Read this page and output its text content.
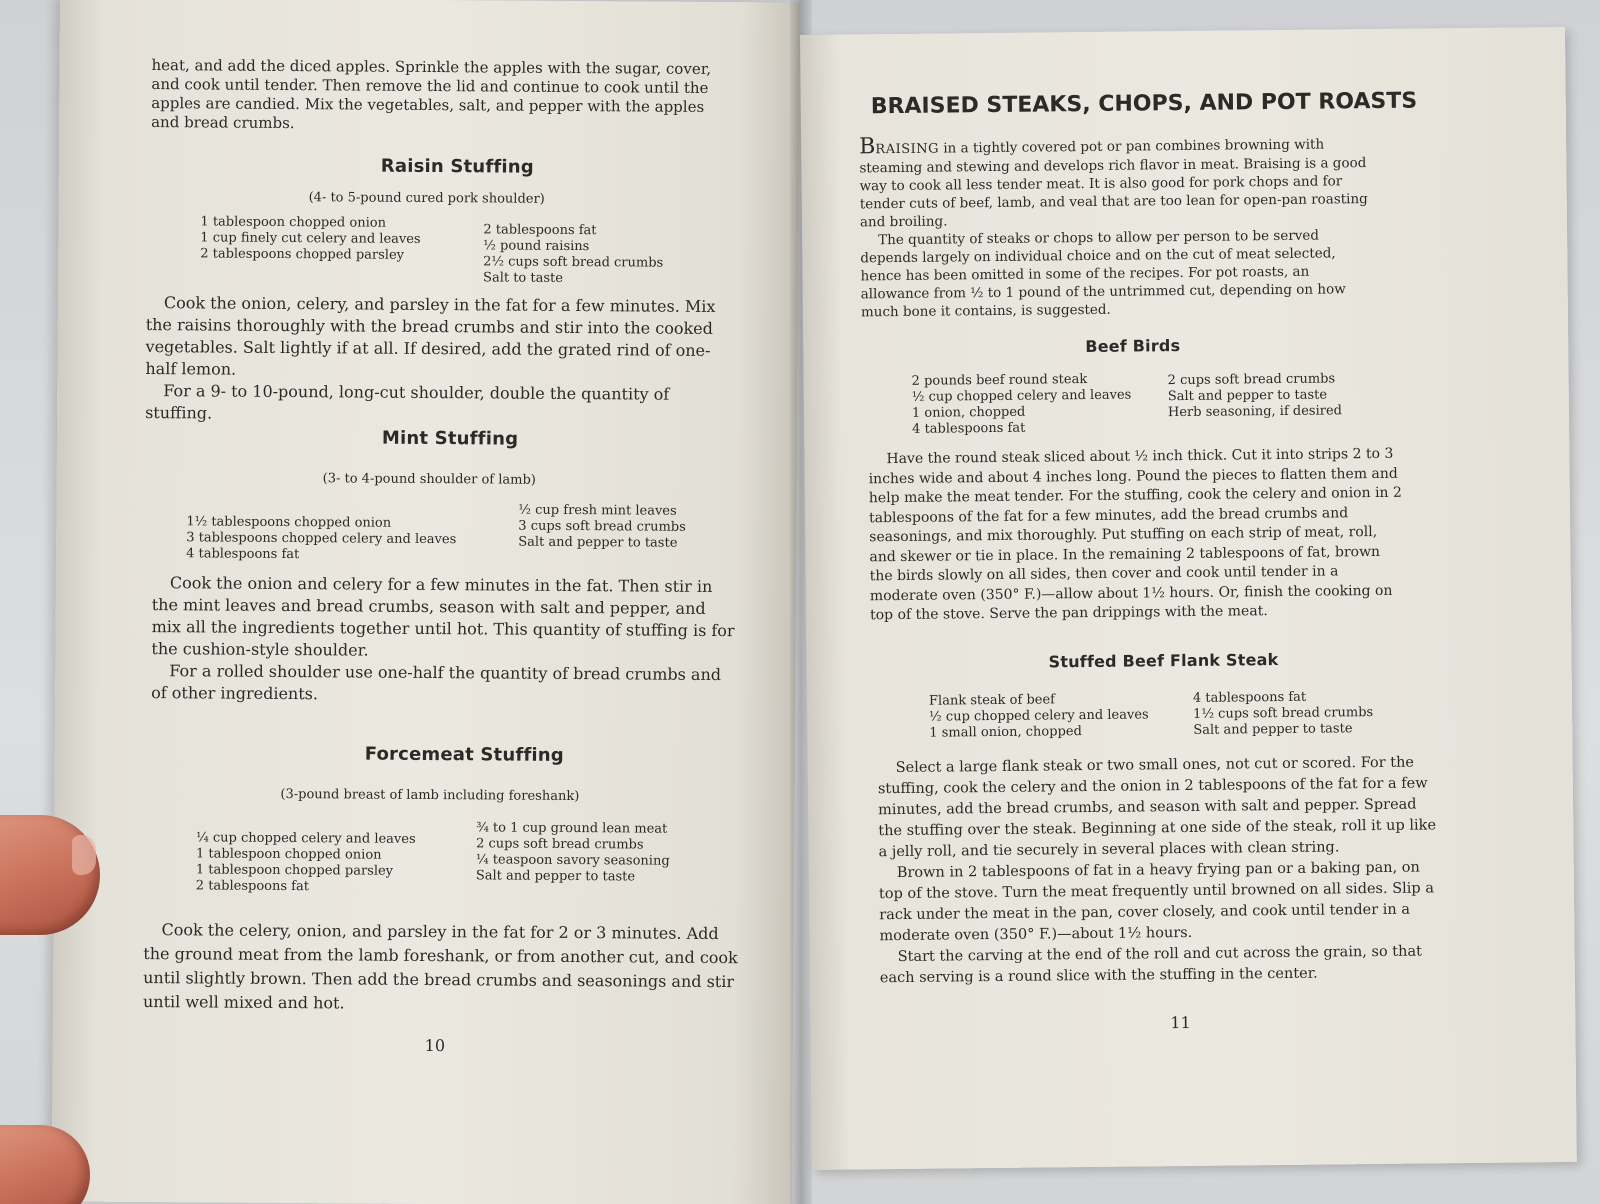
heat, and add the diced apples. Sprinkle the apples with the sugar, cover, and cook until tender. Then remove the lid and continue to cook until the apples are candied. Mix the vegetables, salt, and pepper with the apples and bread crumbs.

Raisin Stuffing
(4- to 5-pound cured pork shoulder)
1 tablespoon chopped onion
1 cup finely cut celery and leaves
2 tablespoons chopped parsley
2 tablespoons fat
½ pound raisins
2½ cups soft bread crumbs
Salt to taste

Cook the onion, celery, and parsley in the fat for a few minutes. Mix the raisins thoroughly with the bread crumbs and stir into the cooked vegetables. Salt lightly if at all. If desired, add the grated rind of one-half lemon.

For a 9- to 10-pound, long-cut shoulder, double the quantity of stuffing.

Mint Stuffing
(3- to 4-pound shoulder of lamb)
1½ tablespoons chopped onion
3 tablespoons chopped celery and leaves
4 tablespoons fat
½ cup fresh mint leaves
3 cups soft bread crumbs
Salt and pepper to taste

Cook the onion and celery for a few minutes in the fat. Then stir in the mint leaves and bread crumbs, season with salt and pepper, and mix all the ingredients together until hot. This quantity of stuffing is for the cushion-style shoulder.

For a rolled shoulder use one-half the quantity of bread crumbs and of other ingredients.

Forcemeat Stuffing
(3-pound breast of lamb including foreshank)
¼ cup chopped celery and leaves
1 tablespoon chopped onion
1 tablespoon chopped parsley
2 tablespoons fat
¾ to 1 cup ground lean meat
2 cups soft bread crumbs
¼ teaspoon savory seasoning
Salt and pepper to taste

Cook the celery, onion, and parsley in the fat for 2 or 3 minutes. Add the ground meat from the lamb foreshank, or from another cut, and cook until slightly brown. Then add the bread crumbs and seasonings and stir until well mixed and hot.

10
BRAISED STEAKS, CHOPS, AND POT ROASTS

BRAISING in a tightly covered pot or pan combines browning with steaming and stewing and develops rich flavor in meat. Braising is a good way to cook all less tender meat. It is also good for pork chops and for tender cuts of beef, lamb, and veal that are too lean for open-pan roasting and broiling.

The quantity of steaks or chops to allow per person to be served depends largely on individual choice and on the cut of meat selected, hence has been omitted in some of the recipes. For pot roasts, an allowance from ½ to 1 pound of the untrimmed cut, depending on how much bone it contains, is suggested.

Beef Birds
2 pounds beef round steak
½ cup chopped celery and leaves
1 onion, chopped
4 tablespoons fat
2 cups soft bread crumbs
Salt and pepper to taste
Herb seasoning, if desired

Have the round steak sliced about ½ inch thick. Cut it into strips 2 to 3 inches wide and about 4 inches long. Pound the pieces to flatten them and help make the meat tender. For the stuffing, cook the celery and onion in 2 tablespoons of the fat for a few minutes, add the bread crumbs and seasonings, and mix thoroughly. Put stuffing on each strip of meat, roll, and skewer or tie in place. In the remaining 2 tablespoons of fat, brown the birds slowly on all sides, then cover and cook until tender in a moderate oven (350° F.)—allow about 1½ hours. Or, finish the cooking on top of the stove. Serve the pan drippings with the meat.

Stuffed Beef Flank Steak
Flank steak of beef
½ cup chopped celery and leaves
1 small onion, chopped
4 tablespoons fat
1½ cups soft bread crumbs
Salt and pepper to taste

Select a large flank steak or two small ones, not cut or scored. For the stuffing, cook the celery and the onion in 2 tablespoons of the fat for a few minutes, add the bread crumbs, and season with salt and pepper. Spread the stuffing over the steak. Beginning at one side of the steak, roll it up like a jelly roll, and tie securely in several places with clean string.

Brown in 2 tablespoons of fat in a heavy frying pan or a baking pan, on top of the stove. Turn the meat frequently until browned on all sides. Slip a rack under the meat in the pan, cover closely, and cook until tender in a moderate oven (350° F.)—about 1½ hours.

Start the carving at the end of the roll and cut across the grain, so that each serving is a round slice with the stuffing in the center.

11
